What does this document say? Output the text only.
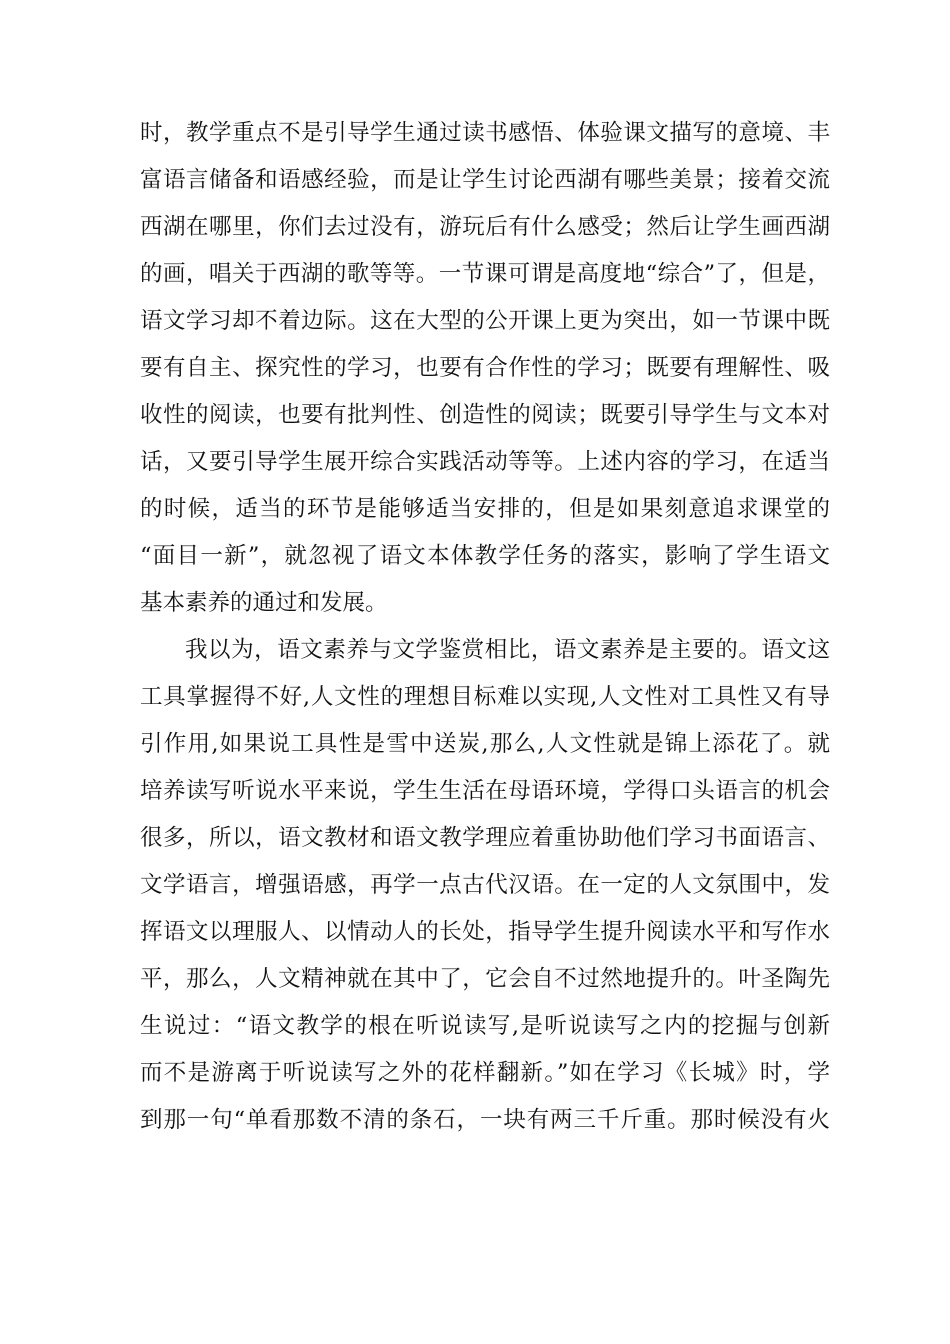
时，教学重点不是引导学生通过读书感悟、体验课文描写的意境、丰
富语言储备和语感经验，而是让学生讨论西湖有哪些美景；接着交流
西湖在哪里，你们去过没有，游玩后有什么感受；然后让学生画西湖
的画，唱关于西湖的歌等等。一节课可谓是高度地“综合”了，但是，
语文学习却不着边际。这在大型的公开课上更为突出，如一节课中既
要有自主、探究性的学习，也要有合作性的学习；既要有理解性、吸
收性的阅读，也要有批判性、创造性的阅读；既要引导学生与文本对
话，又要引导学生展开综合实践活动等等。上述内容的学习，在适当
的时候，适当的环节是能够适当安排的，但是如果刻意追求课堂的
“面目一新”，就忽视了语文本体教学任务的落实，影响了学生语文
基本素养的通过和发展。
我以为，语文素养与文学鉴赏相比，语文素养是主要的。语文这
工具掌握得不好,人文性的理想目标难以实现,人文性对工具性又有导
引作用,如果说工具性是雪中送炭,那么,人文性就是锦上添花了。就
培养读写听说水平来说，学生生活在母语环境，学得口头语言的机会
很多，所以，语文教材和语文教学理应着重协助他们学习书面语言、
文学语言，增强语感，再学一点古代汉语。在一定的人文氛围中，发
挥语文以理服人、以情动人的长处，指导学生提升阅读水平和写作水
平，那么，人文精神就在其中了，它会自不过然地提升的。叶圣陶先
生说过：“语文教学的根在听说读写,是听说读写之内的挖掘与创新
而不是游离于听说读写之外的花样翻新。”如在学习《长城》时，学
到那一句“单看那数不清的条石，一块有两三千斤重。那时候没有火
